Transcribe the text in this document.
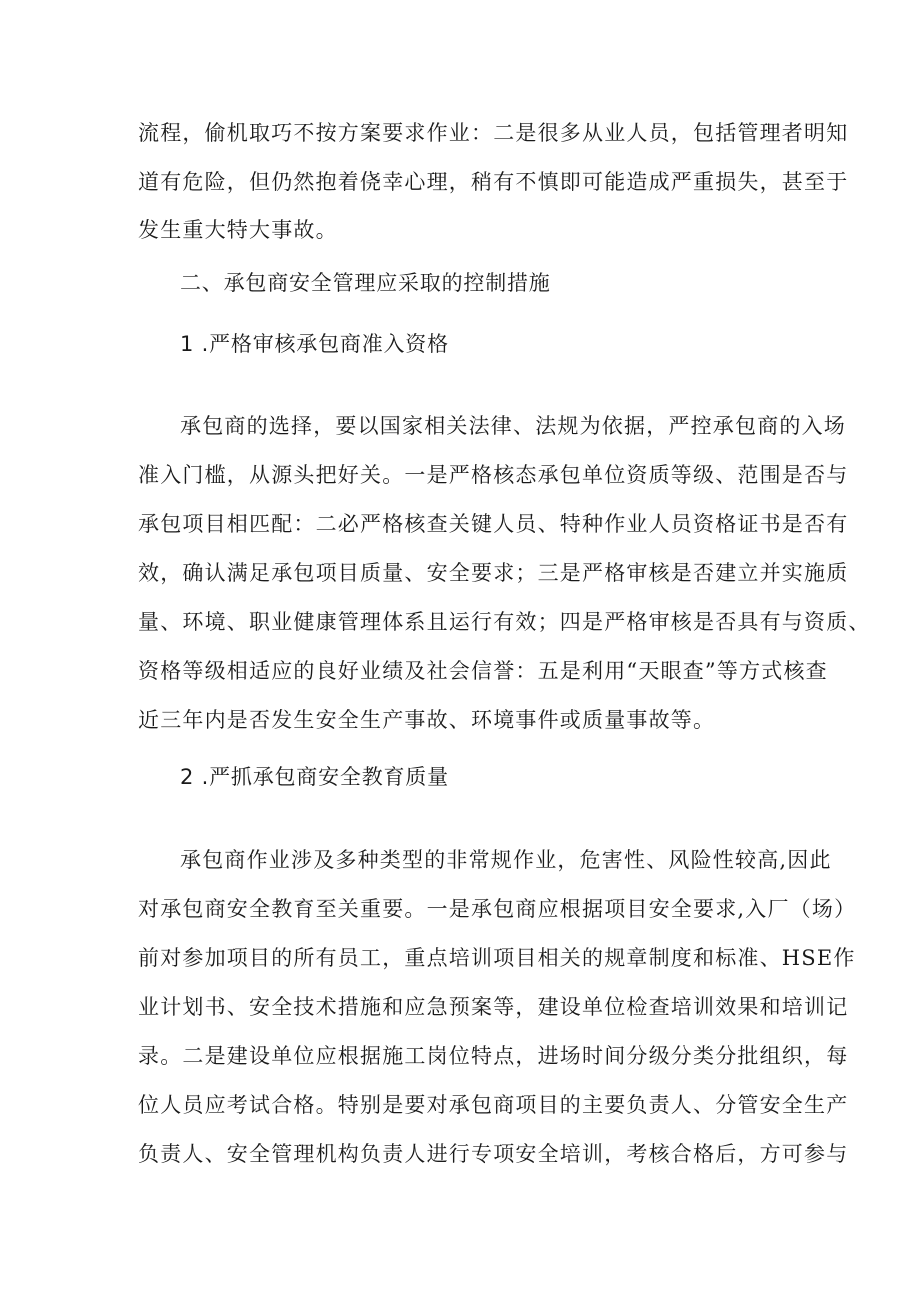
流程，偷机取巧不按方案要求作业：二是很多从业人员，包括管理者明知
道有危险，但仍然抱着侥幸心理，稍有不慎即可能造成严重损失，甚至于
发生重大特大事故。
二、承包商安全管理应采取的控制措施
1 .严格审核承包商准入资格
承包商的选择，要以国家相关法律、法规为依据，严控承包商的入场
准入门槛，从源头把好关。一是严格核态承包单位资质等级、范围是否与
承包项目相匹配：二必严格核查关键人员、特种作业人员资格证书是否有
效，确认满足承包项目质量、安全要求；三是严格审核是否建立并实施质
量、环境、职业健康管理体系且运行有效；四是严格审核是否具有与资质、
资格等级相适应的良好业绩及社会信誉：五是利用“天眼查”等方式核查
近三年内是否发生安全生产事故、环境事件或质量事故等。
2 .严抓承包商安全教育质量
承包商作业涉及多种类型的非常规作业，危害性、风险性较高,因此
对承包商安全教育至关重要。一是承包商应根据项目安全要求,入厂（场）
前对参加项目的所有员工，重点培训项目相关的规章制度和标准、HSE作
业计划书、安全技术措施和应急预案等，建设单位检查培训效果和培训记
录。二是建设单位应根据施工岗位特点，进场时间分级分类分批组织，每
位人员应考试合格。特别是要对承包商项目的主要负责人、分管安全生产
负责人、安全管理机构负责人进行专项安全培训，考核合格后，方可参与
